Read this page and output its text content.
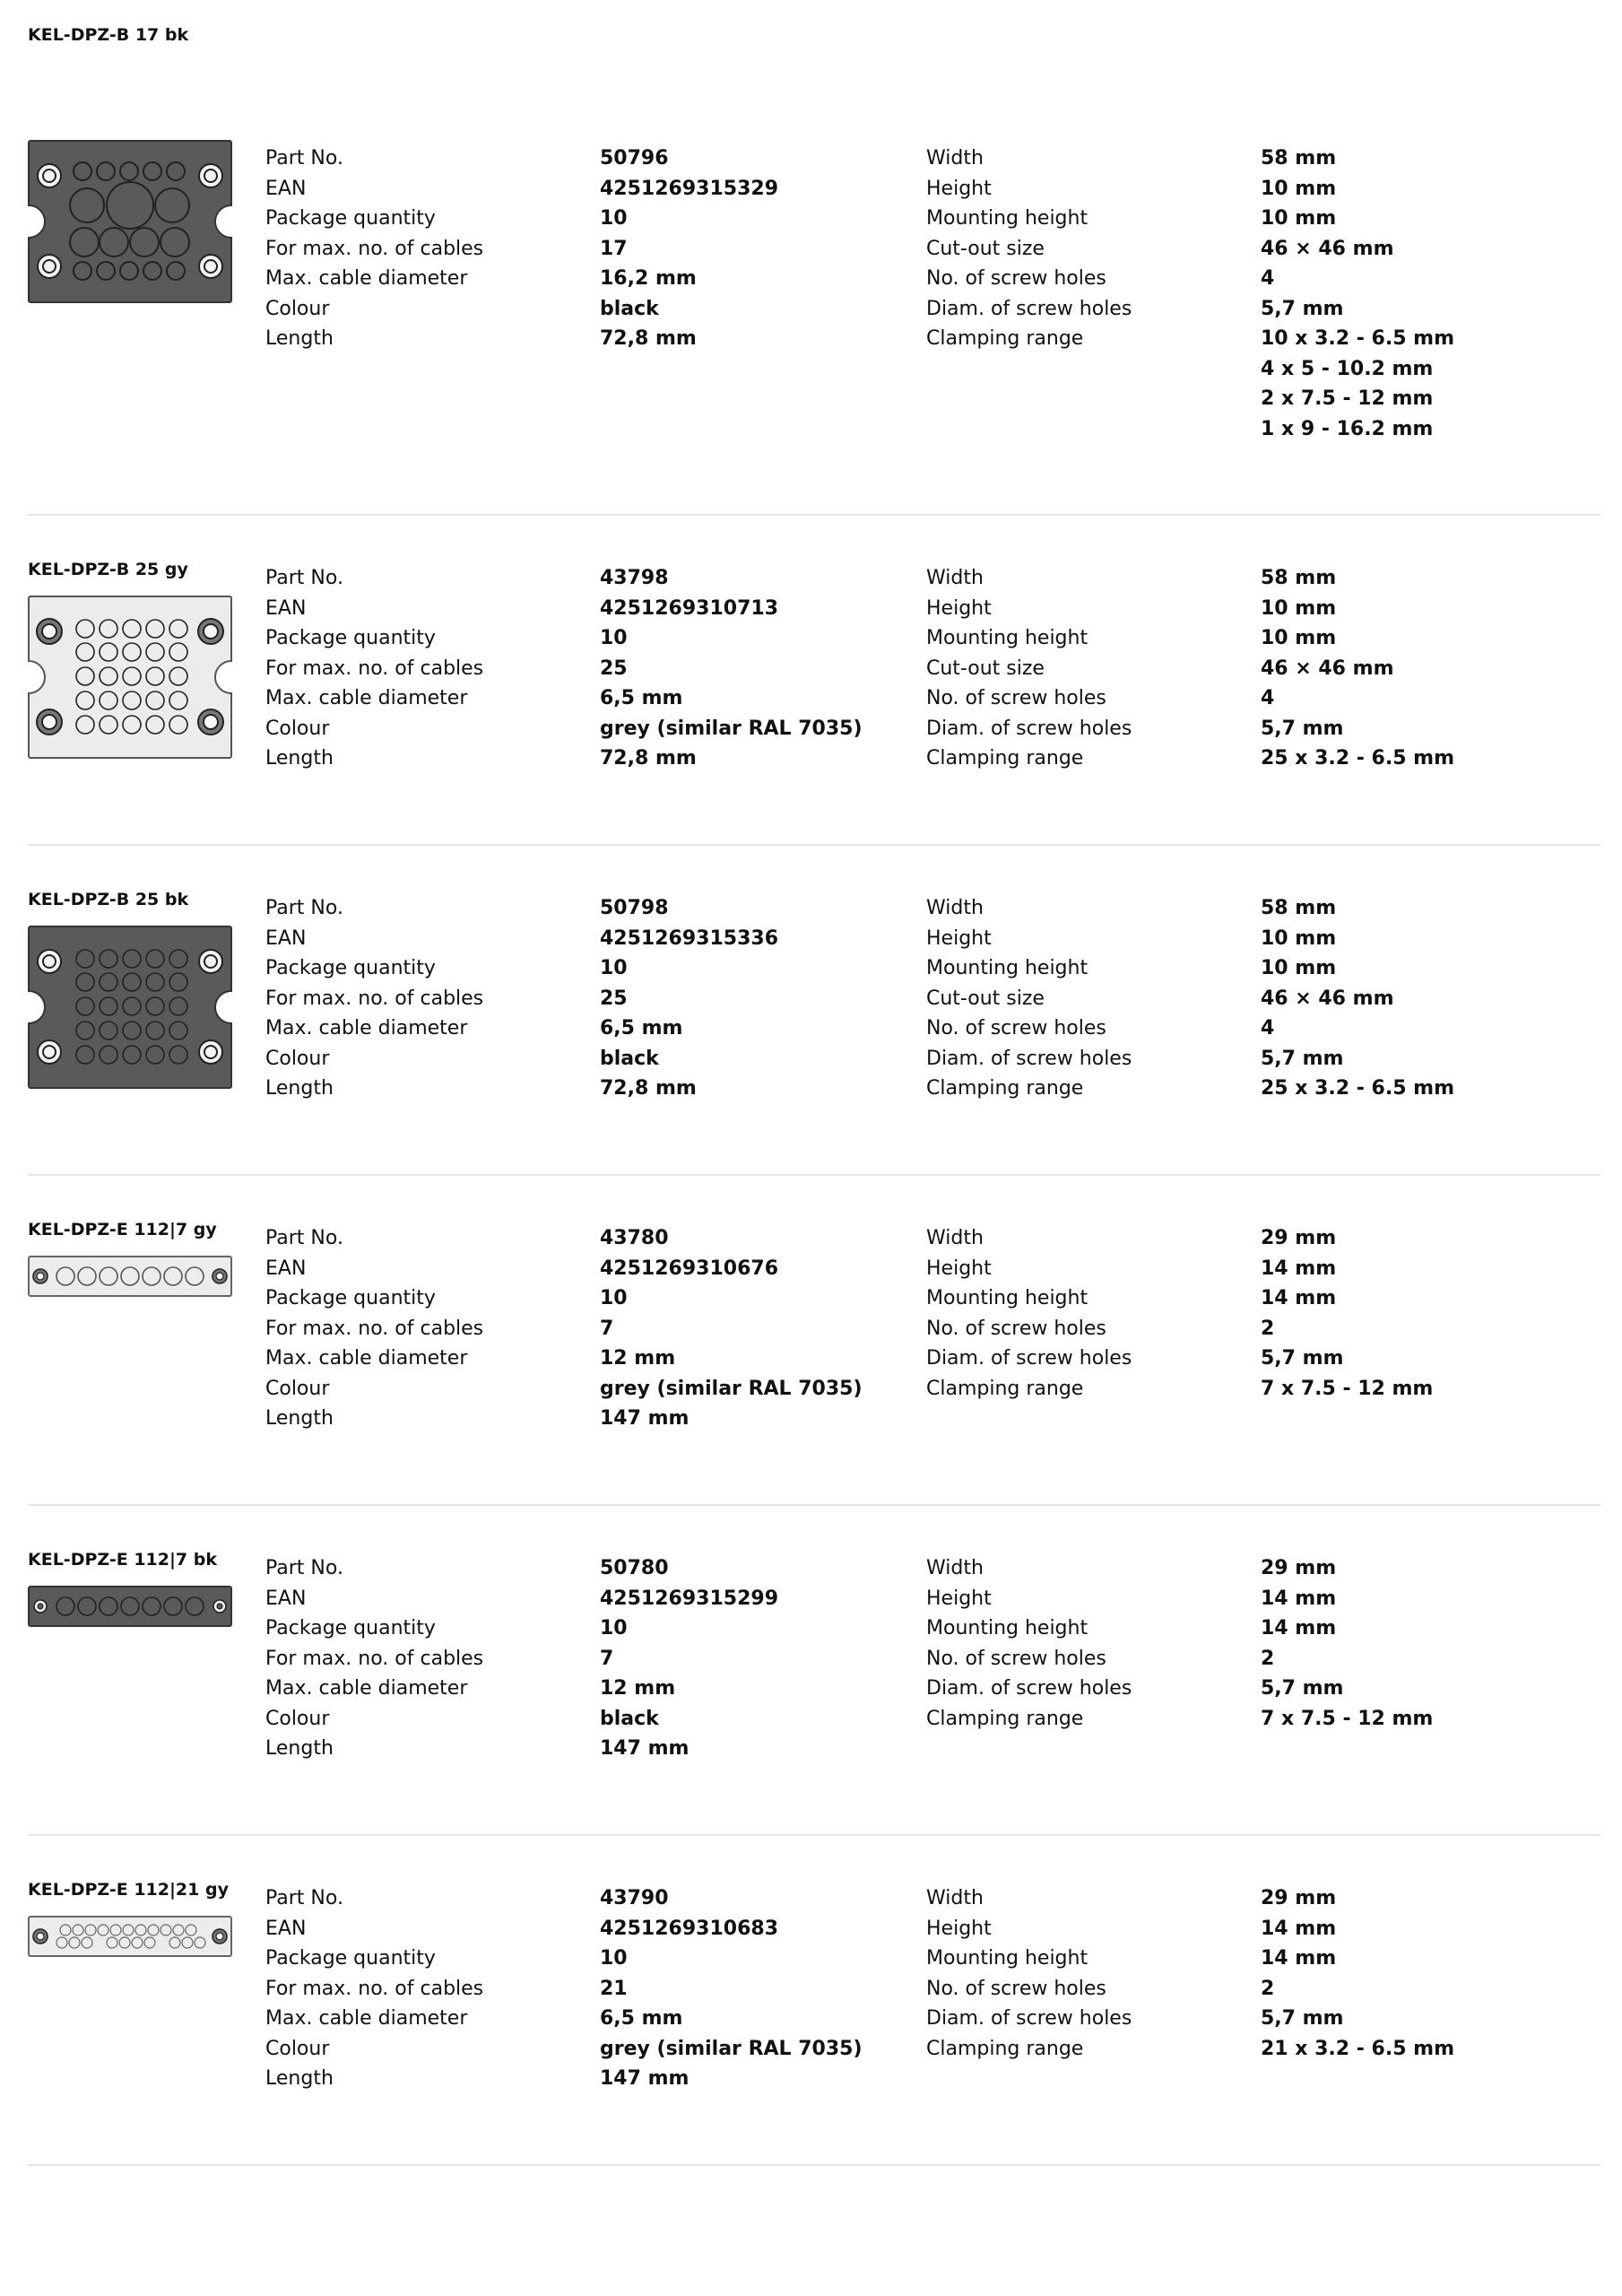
KEL-DPZ-B 17 bk
Part No.	50796
EAN	4251269315329
Package quantity	10
For max. no. of cables	17
Max. cable diameter	16,2 mm
Colour	black
Length	72,8 mm
Width	58 mm
Height	10 mm
Mounting height	10 mm
Cut-out size	46 × 46 mm
No. of screw holes	4
Diam. of screw holes	5,7 mm
Clamping range	10 x 3.2 - 6.5 mm
4 x 5 - 10.2 mm
2 x 7.5 - 12 mm
1 x 9 - 16.2 mm
KEL-DPZ-B 25 gy	Part No.	43798
EAN	4251269310713
Package quantity	10
For max. no. of cables	25
Max. cable diameter	6,5 mm
Colour	grey (similar RAL 7035)
Length	72,8 mm
Width	58 mm
Height	10 mm
Mounting height	10 mm
Cut-out size	46 × 46 mm
No. of screw holes	4
Diam. of screw holes	5,7 mm
Clamping range	25 x 3.2 - 6.5 mm
KEL-DPZ-B 25 bk	Part No.	50798
EAN	4251269315336
Package quantity	10
For max. no. of cables	25
Max. cable diameter	6,5 mm
Colour	black
Length	72,8 mm
Width	58 mm
Height	10 mm
Mounting height	10 mm
Cut-out size	46 × 46 mm
No. of screw holes	4
Diam. of screw holes	5,7 mm
Clamping range	25 x 3.2 - 6.5 mm
KEL-DPZ-E 112|7 gy Part No.	43780
EAN	4251269310676
Package quantity	10
For max. no. of cables	7
Max. cable diameter	12 mm
Colour	grey (similar RAL 7035)
Length	147 mm
Width	29 mm
Height	14 mm
Mounting height	14 mm
No. of screw holes	2
Diam. of screw holes	5,7 mm
Clamping range	7 x 7.5 - 12 mm
KEL-DPZ-E 112|7 bk Part No.	50780
EAN	4251269315299
Package quantity	10
For max. no. of cables	7
Max. cable diameter	12 mm
Colour	black
Length	147 mm
Width	29 mm
Height	14 mm
Mounting height	14 mm
No. of screw holes	2
Diam. of screw holes	5,7 mm
Clamping range	7 x 7.5 - 12 mm
KEL-DPZ-E 112|21 gy Part No.	43790
EAN	4251269310683
Package quantity	10
For max. no. of cables	21
Max. cable diameter	6,5 mm
Colour	grey (similar RAL 7035)
Length	147 mm
Width	29 mm
Height	14 mm
Mounting height	14 mm
No. of screw holes	2
Diam. of screw holes	5,7 mm
Clamping range	21 x 3.2 - 6.5 mm
